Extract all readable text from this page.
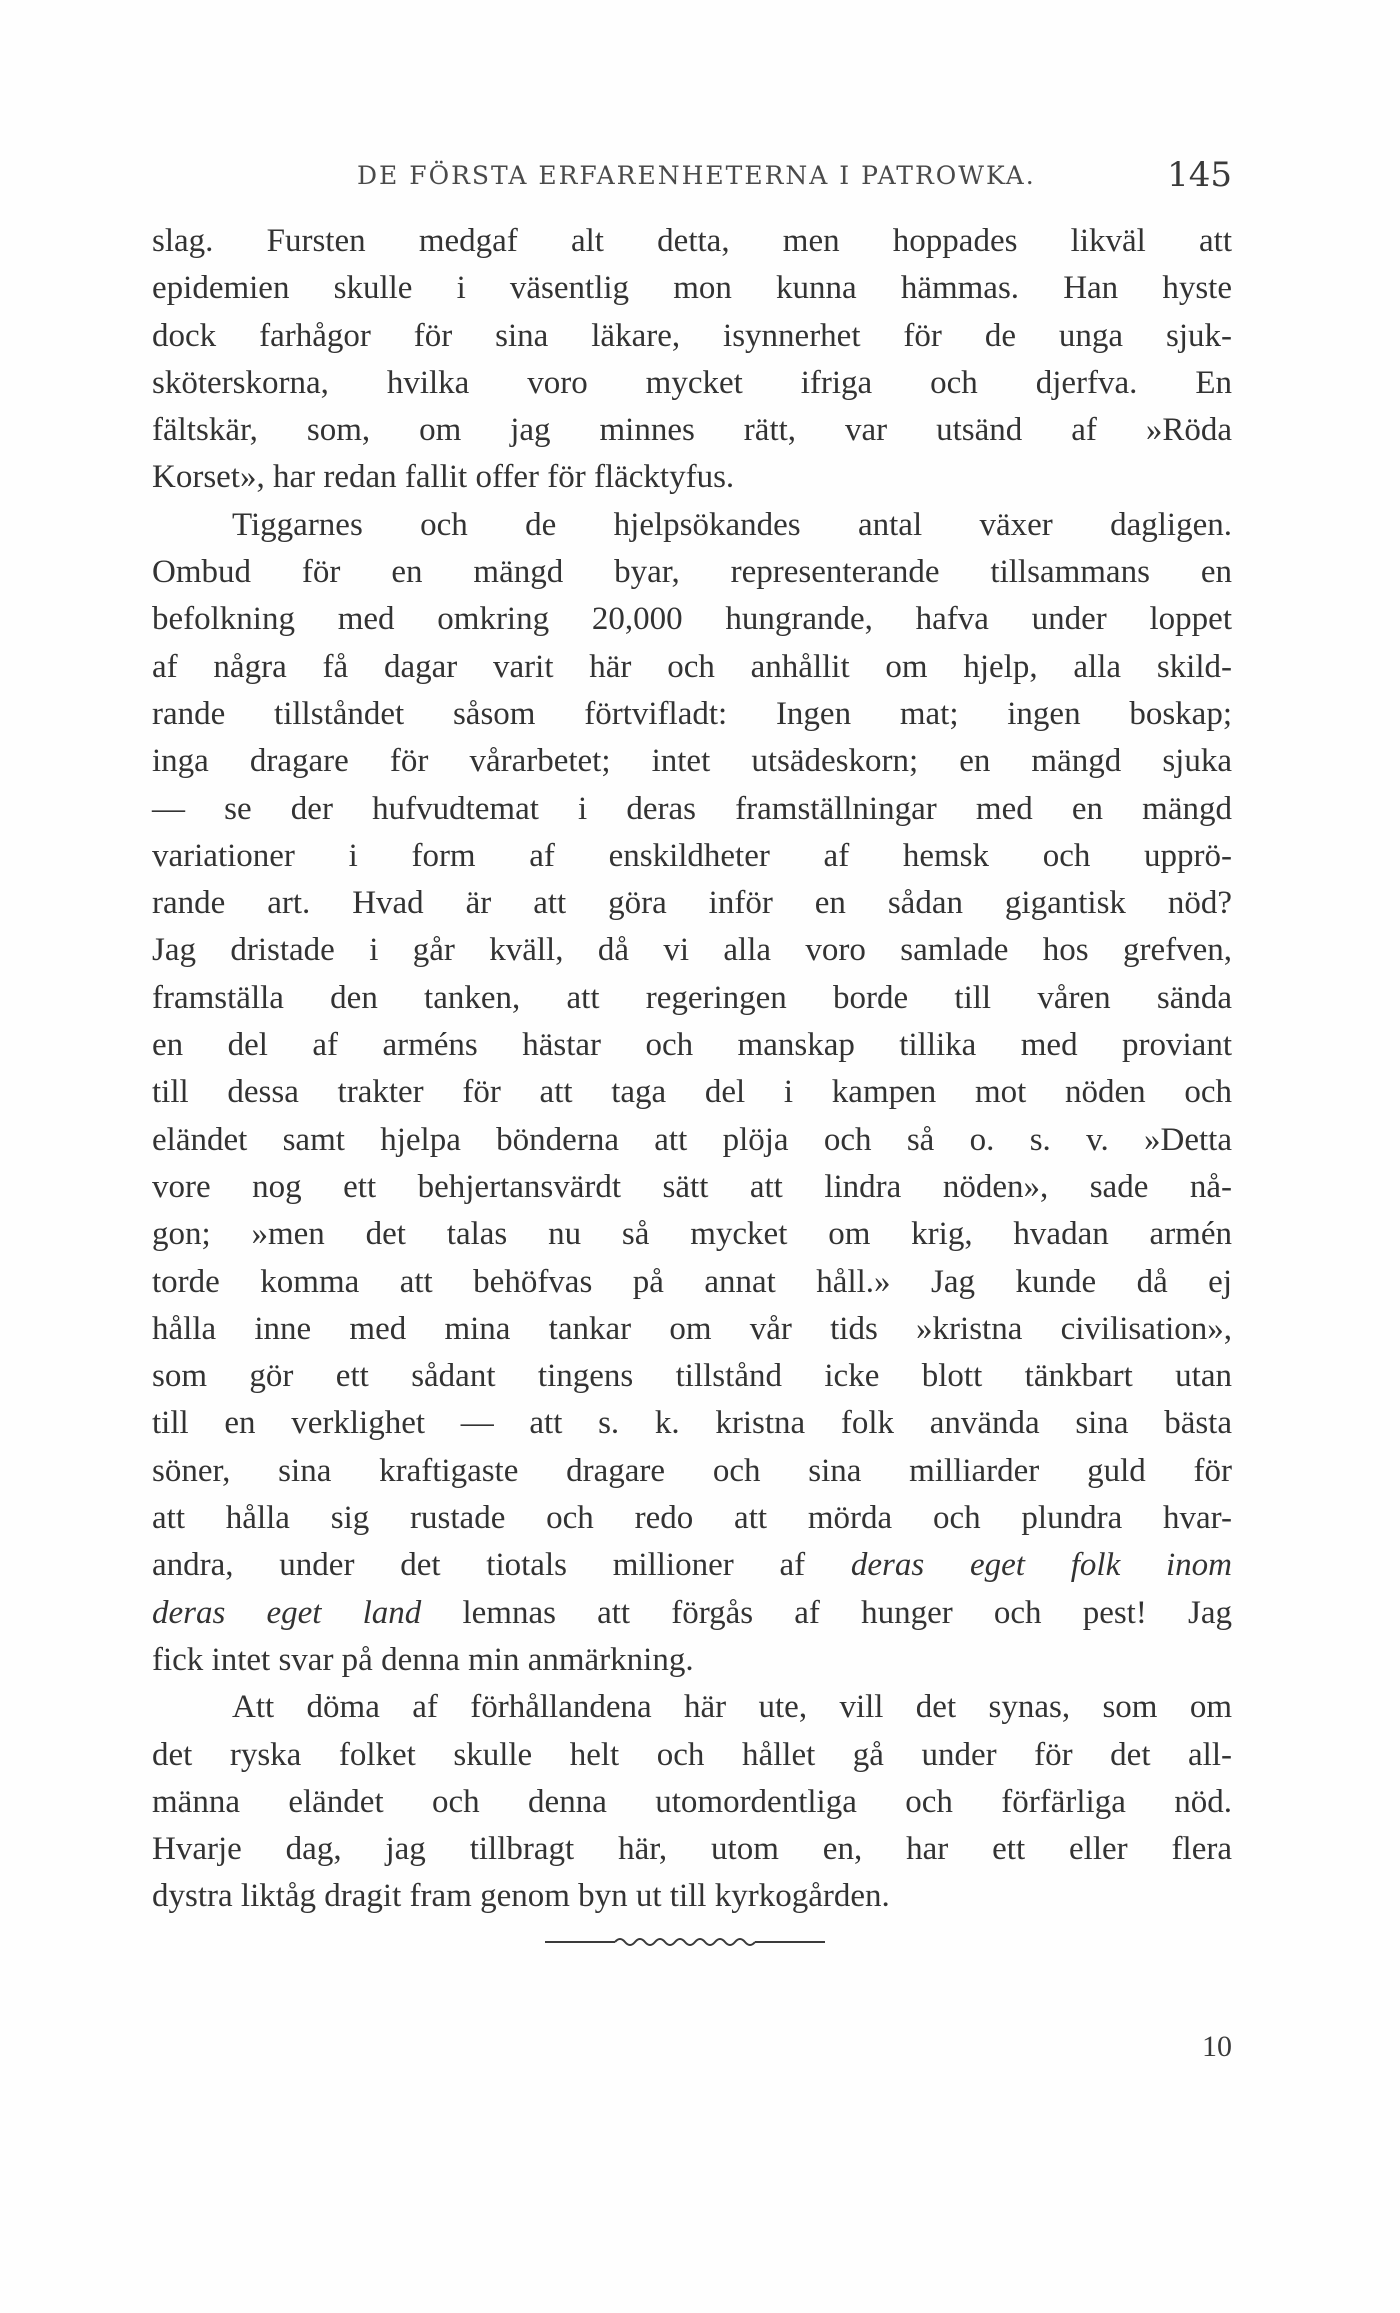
DE FÖRSTA ERFARENHETERNA I PATROWKA.	145
slag. Fursten medgaf alt detta, men hoppades likväl att
epidemien skulle i väsentlig mon kunna hämmas. Han hyste
dock farhågor för sina läkare, isynnerhet för de unga sjuk-
sköterskorna, hvilka voro mycket ifriga och djerfva. En
fältskär, som, om jag minnes rätt, var utsänd af »Röda
Korset», har redan fallit offer för fläcktyfus.
Tiggarnes och de hjelpsökandes antal växer dagligen.
Ombud för en mängd byar, representerande tillsammans en
befolkning med omkring 20,000 hungrande, hafva under loppet
af några få dagar varit här och anhållit om hjelp, alla skild-
rande tillståndet såsom förtvifladt: Ingen mat; ingen boskap;
inga dragare för vårarbetet; intet utsädeskorn; en mängd sjuka
— se der hufvudtemat i deras framställningar med en mängd
variationer i form af enskildheter af hemsk och upprö-
rande art. Hvad är att göra inför en sådan gigantisk nöd?
Jag dristade i går kväll, då vi alla voro samlade hos grefven,
framställa den tanken, att regeringen borde till våren sända
en del af arméns hästar och manskap tillika med proviant
till dessa trakter för att taga del i kampen mot nöden och
eländet samt hjelpa bönderna att plöja och så o. s. v. »Detta
vore nog ett behjertansvärdt sätt att lindra nöden», sade nå-
gon; »men det talas nu så mycket om krig, hvadan armén
torde komma att behöfvas på annat håll.» Jag kunde då ej
hålla inne med mina tankar om vår tids »kristna civilisation»,
som gör ett sådant tingens tillstånd icke blott tänkbart utan
till en verklighet — att s. k. kristna folk använda sina bästa
söner, sina kraftigaste dragare och sina milliarder guld för
att hålla sig rustade och redo att mörda och plundra hvar-
andra, under det tiotals millioner af deras eget folk inom
deras eget land lemnas att förgås af hunger och pest! Jag
fick intet svar på denna min anmärkning.
Att döma af förhållandena här ute, vill det synas, som om
det ryska folket skulle helt och hållet gå under för det all-
männa eländet och denna utomordentliga och förfärliga nöd.
Hvarje dag, jag tillbragt här, utom en, har ett eller flera
dystra liktåg dragit fram genom byn ut till kyrkogården.
10
